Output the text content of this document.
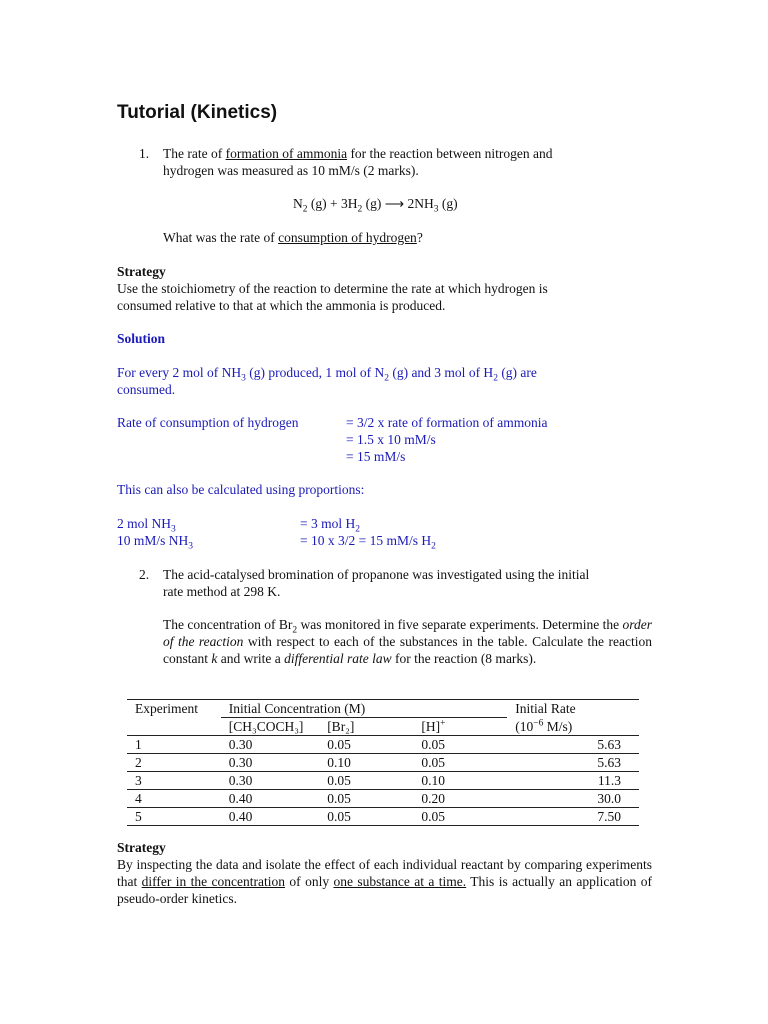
Tutorial (Kinetics)
1. The rate of formation of ammonia for the reaction between nitrogen and
hydrogen was measured as 10 mM/s (2 marks).
$N_2$ $(g) + 3H_2$ (g) ⟶ $2NH_3$ (g)
What was the rate of consumption of hydrogen?
Strategy
Use the stoichiometry of the reaction to determine the rate at which hydrogen is
consumed relative to that at which the ammonia is produced.
Solution
For every 2 mol of $NH_3$ (g) produced, 1 mol of $N_2$ (g) and 3 mol of $H_2$ (g) are
consumed.
Rate of consumption of hydrogen	= 3/2 x rate of formation of ammonia
= 1.5 x 10 mM/s
= 15 mM/s
This can also be calculated using proportions:
2 mol $NH_3$	= 3 mol $H_2$
10 mM/s $NH_3$	= 10 x 3/2 = 15 mM/s $H_2$
2. The acid-catalysed bromination of propanone was investigated using the initial
rate method at 298 K.
The concentration of $Br_2$ was monitored in five separate experiments. Determine the order of the reaction with respect to each of the substances in the table. Calculate the reaction constant k and write a differential rate law for the reaction (8 marks).
Experiment	Initial Concentration (M)			Initial Rate
	[CH₃COCH₃]	[Br₂]	[H]+	($10^{-6}$ M/s)
1	0.30	0.05	0.05	5.63
2	0.30	0.10	0.05	5.63
3	0.30	0.05	0.10	11.3
4	0.40	0.05	0.20	30.0
5	0.40	0.05	0.05	7.50
Strategy
By inspecting the data and isolate the effect of each individual reactant by comparing experiments that differ in the concentration of only one substance at a time. This is actually an application of pseudo-order kinetics.
